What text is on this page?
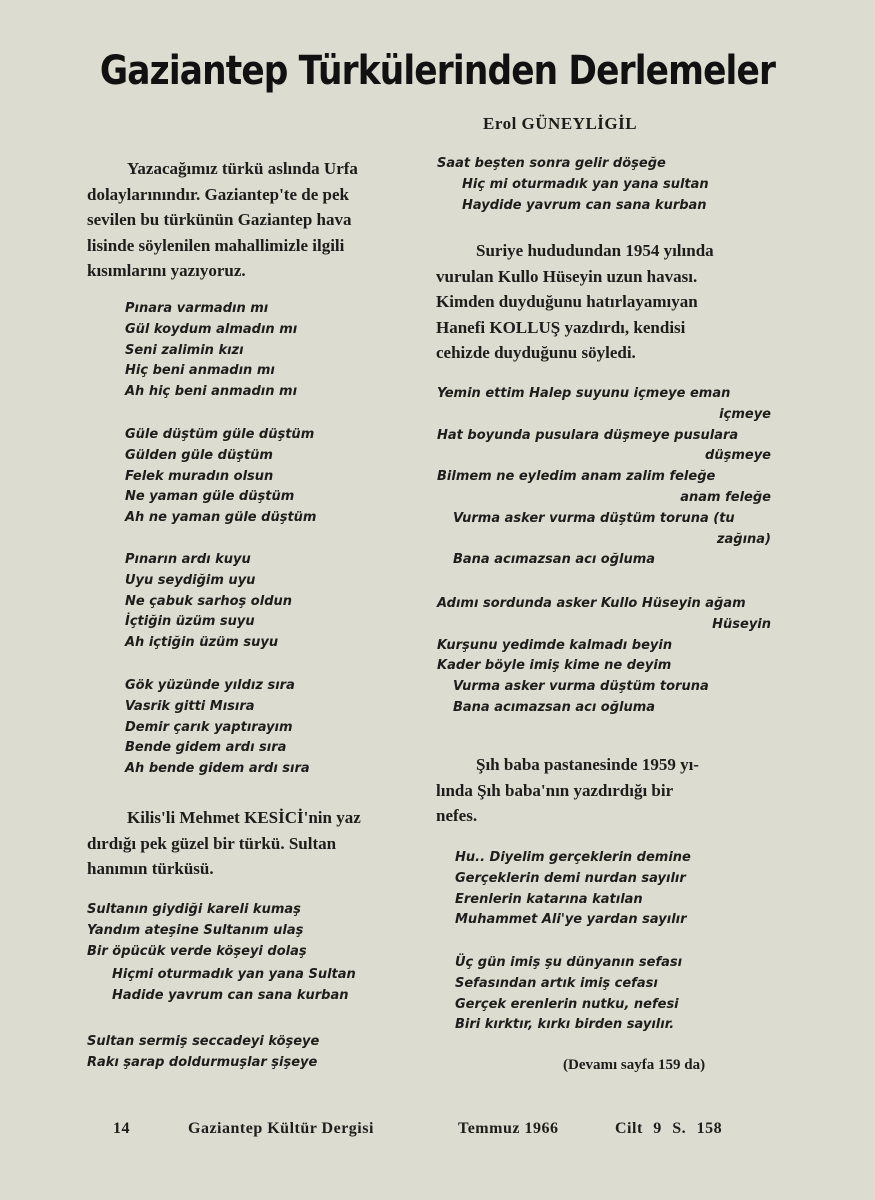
Gaziantep Türkülerinden Derlemeler
Erol GÜNEYLİGİL
Yazacağımız türkü aslında Urfa
dolaylarınındır. Gaziantep'te de pek
sevilen bu türkünün Gaziantep hava
lisinde söylenilen mahallimizle ilgili
kısımlarını yazıyoruz.
Pınara varmadın mı
Gül koydum almadın mı
Seni zalimin kızı
Hiç beni anmadın mı
Ah hiç beni anmadın mı
Güle düştüm güle düştüm
Gülden güle düştüm
Felek muradın olsun
Ne yaman güle düştüm
Ah ne yaman güle düştüm
Pınarın ardı kuyu
Uyu seydiğim uyu
Ne çabuk sarhoş oldun
İçtiğin üzüm suyu
Ah içtiğin üzüm suyu
Gök yüzünde yıldız sıra
Vasrik gitti Mısıra
Demir çarık yaptırayım
Bende gidem ardı sıra
Ah bende gidem ardı sıra
Kilis'li Mehmet KESİCİ'nin yaz
dırdığı pek güzel bir türkü. Sultan
hanımın türküsü.
Sultanın giydiği kareli kumaş
Yandım ateşine Sultanım ulaş
Bir öpücük verde köşeyi dolaş
Hiçmi oturmadık yan yana Sultan
Hadide yavrum can sana kurban
Sultan sermiş seccadeyi köşeye
Rakı şarap doldurmuşlar şişeye
Saat beşten sonra gelir döşeğe
Hiç mi oturmadık yan yana sultan
Haydide yavrum can sana kurban
Suriye hududundan 1954 yılında
vurulan Kullo Hüseyin uzun havası.
Kimden duyduğunu hatırlayamıyan
Hanefi KOLLUŞ yazdırdı, kendisi
cehizde duyduğunu söyledi.
Yemin ettim Halep suyunu içmeye eman
içmeye
Hat boyunda pusulara düşmeye pusulara
düşmeye
Bilmem ne eyledim anam zalim feleğe
anam feleğe
Vurma asker vurma düştüm toruna (tu
zağına)
Bana acımazsan acı oğluma
Adımı sordunda asker Kullo Hüseyin ağam
Hüseyin
Kurşunu yedimde kalmadı beyin
Kader böyle imiş kime ne deyim
Vurma asker vurma düştüm toruna
Bana acımazsan acı oğluma
Şıh baba pastanesinde 1959 yı-
lında Şıh baba'nın yazdırdığı bir
nefes.
Hu.. Diyelim gerçeklerin demine
Gerçeklerin demi nurdan sayılır
Erenlerin katarına katılan
Muhammet Ali'ye yardan sayılır
Üç gün imiş şu dünyanın sefası
Sefasından artık imiş cefası
Gerçek erenlerin nutku, nefesi
Biri kırktır, kırkı birden sayılır.
(Devamı sayfa 159 da)
14	Gaziantep Kültür Dergisi	Temmuz 1966	Cilt 9 S. 158
